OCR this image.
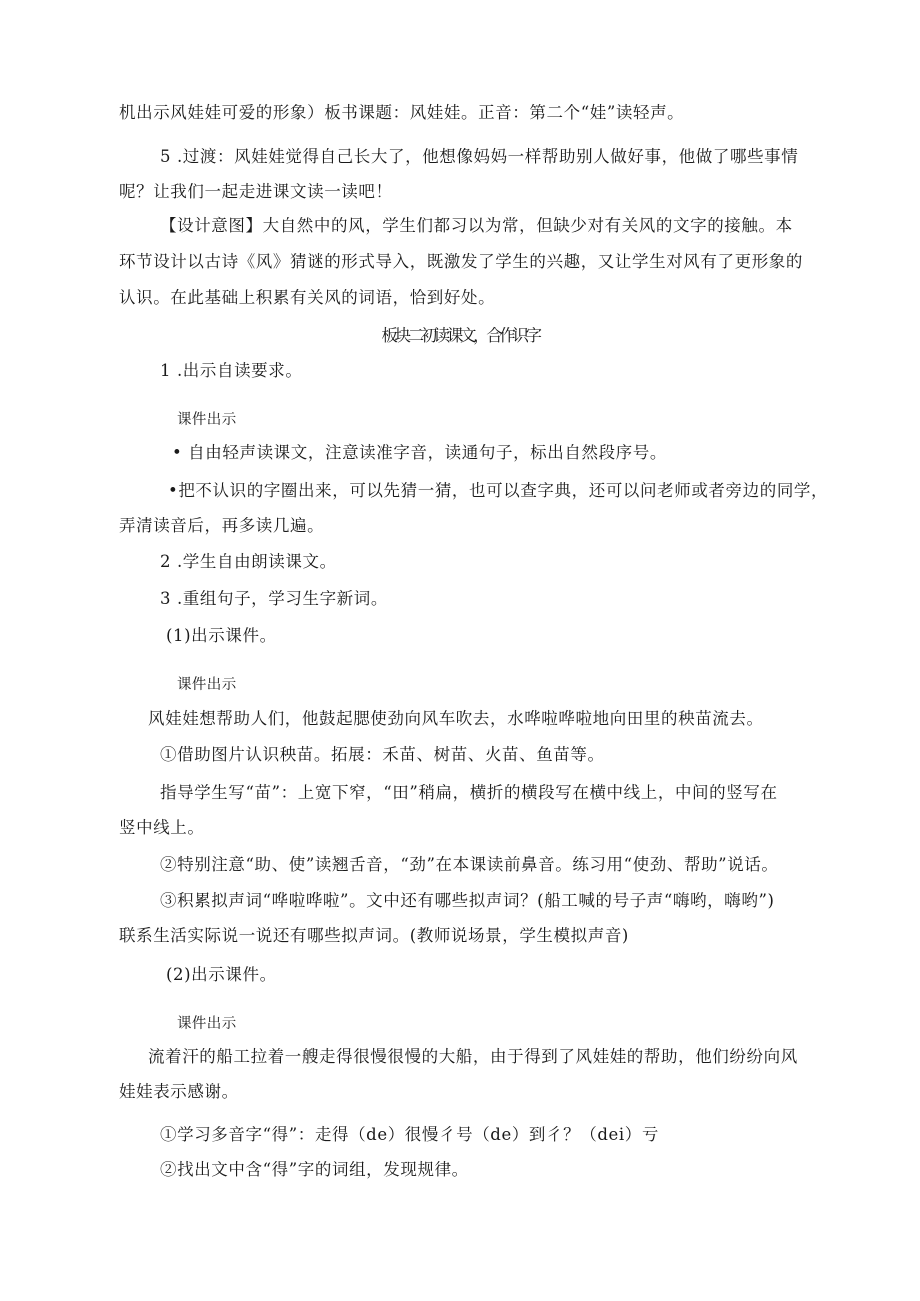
机出示风娃娃可爱的形象）板书课题：风娃娃。正音：第二个“娃”读轻声。

5 .过渡：风娃娃觉得自己长大了，他想像妈妈一样帮助别人做好事，他做了哪些事情

呢？让我们一起走进课文读一读吧！

【设计意图】大自然中的风，学生们都习以为常，但缺少对有关风的文字的接触。本

环节设计以古诗《风》猜谜的形式导入，既激发了学生的兴趣，又让学生对风有了更形象的

认识。在此基础上积累有关风的词语，恰到好处。

板块二初读课文，合作识字

1 .出示自读要求。

课件出示

• 自由轻声读课文，注意读准字音，读通句子，标出自然段序号。

•把不认识的字圈出来，可以先猜一猜，也可以查字典，还可以问老师或者旁边的同学，

弄清读音后，再多读几遍。

2 .学生自由朗读课文。

3 .重组句子，学习生字新词。

(1)出示课件。

课件出示

风娃娃想帮助人们，他鼓起腮使劲向风车吹去，水哗啦哗啦地向田里的秧苗流去。

①借助图片认识秧苗。拓展：禾苗、树苗、火苗、鱼苗等。

指导学生写“苗”：上宽下窄，“田”稍扁，横折的横段写在横中线上，中间的竖写在

竖中线上。

②特别注意“助、使”读翘舌音，“劲”在本课读前鼻音。练习用“使劲、帮助”说话。

③积累拟声词“哗啦哗啦”。文中还有哪些拟声词？(船工喊的号子声“嗨哟，嗨哟”)

联系生活实际说一说还有哪些拟声词。(教师说场景，学生模拟声音)

(2)出示课件。

课件出示

流着汗的船工拉着一艘走得很慢很慢的大船，由于得到了风娃娃的帮助，他们纷纷向风

娃娃表示感谢。

①学习多音字“得”：走得（de）很慢彳号（de）到彳？（dei）亏

②找出文中含“得”字的词组，发现规律。
